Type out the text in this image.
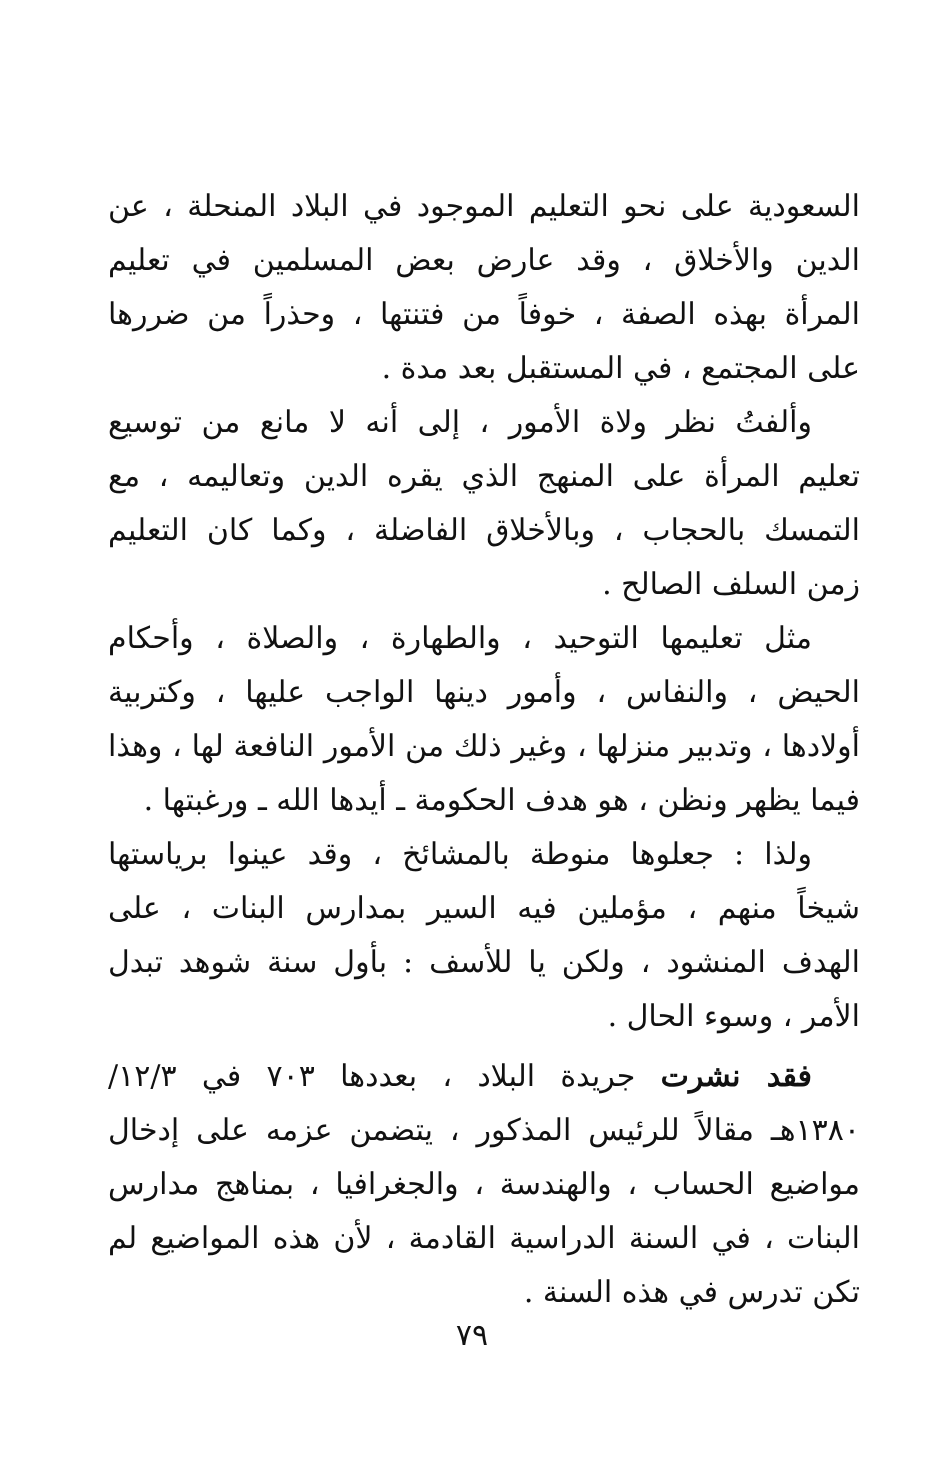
السعودية على نحو التعليم الموجود في البلاد المنحلة ، عن
الدين والأخلاق ، وقد عارض بعض المسلمين في تعليم
المرأة بهذه الصفة ، خوفاً من فتنتها ، وحذراً من ضررها
على المجتمع ، في المستقبل بعد مدة .
وألفتُ نظر ولاة الأمور ، إلى أنه لا مانع من توسيع
تعليم المرأة على المنهج الذي يقره الدين وتعاليمه ، مع
التمسك بالحجاب ، وبالأخلاق الفاضلة ، وكما كان التعليم
زمن السلف الصالح .
مثل تعليمها التوحيد ، والطهارة ، والصلاة ، وأحكام
الحيض ، والنفاس ، وأمور دينها الواجب عليها ، وكتربية
أولادها ، وتدبير منزلها ، وغير ذلك من الأمور النافعة لها ، وهذا
فيما يظهر ونظن ، هو هدف الحكومة ـ أيدها الله ـ ورغبتها .
ولذا : جعلوها منوطة بالمشائخ ، وقد عينوا برياستها
شيخاً منهم ، مؤملين فيه السير بمدارس البنات ، على
الهدف المنشود ، ولكن يا للأسف : بأول سنة شوهد تبدل
الأمر ، وسوء الحال .
فقد نشرت جريدة البلاد ، بعددها ٧٠٣ في ١٢/٣/
١٣٨٠هـ مقالاً للرئيس المذكور ، يتضمن عزمه على إدخال
مواضيع الحساب ، والهندسة ، والجغرافيا ، بمناهج مدارس
البنات ، في السنة الدراسية القادمة ، لأن هذه المواضيع لم
تكن تدرس في هذه السنة .
٧٩
